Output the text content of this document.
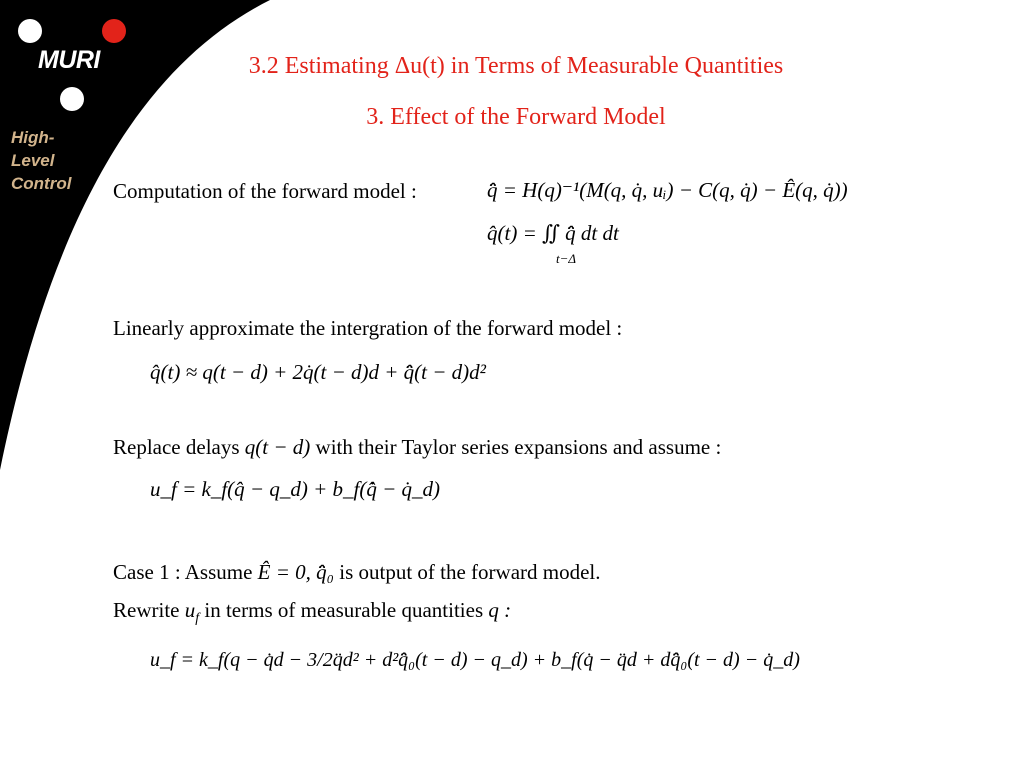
MURI
High-
Level
Control
3.2 Estimating Δu(t) in Terms of Measurable Quantities
3. Effect of the Forward Model
Computation of the forward model :	q̂̈ = H(q)⁻¹(M(q, q̇, uᵢ) − C(q, q̇) − Ê(q, q̇))
q̂(t) = ∬ q̂̈ dt dt
t−Δ
Linearly approximate the intergration of the forward model :
q̂(t) ≈ q(t − d) + 2q̇(t − d)d + q̂̈(t − d)d²
Replace delays q(t − d) with their Taylor series expansions and assume :
u_f = k_f(q̂ − q_d) + b_f(q̂̇ − q̇_d)
Case 1 : Assume Ê = 0, q̂̈₀ is output of the forward model.
Rewrite $u_f$ in terms of measurable quantities q :
u_f = k_f(q − q̇d − 3/2q̈d² + d²q̂̈₀(t − d) − q_d) + b_f(q̇ − q̈d + dq̂̈₀(t − d) − q̇_d)
